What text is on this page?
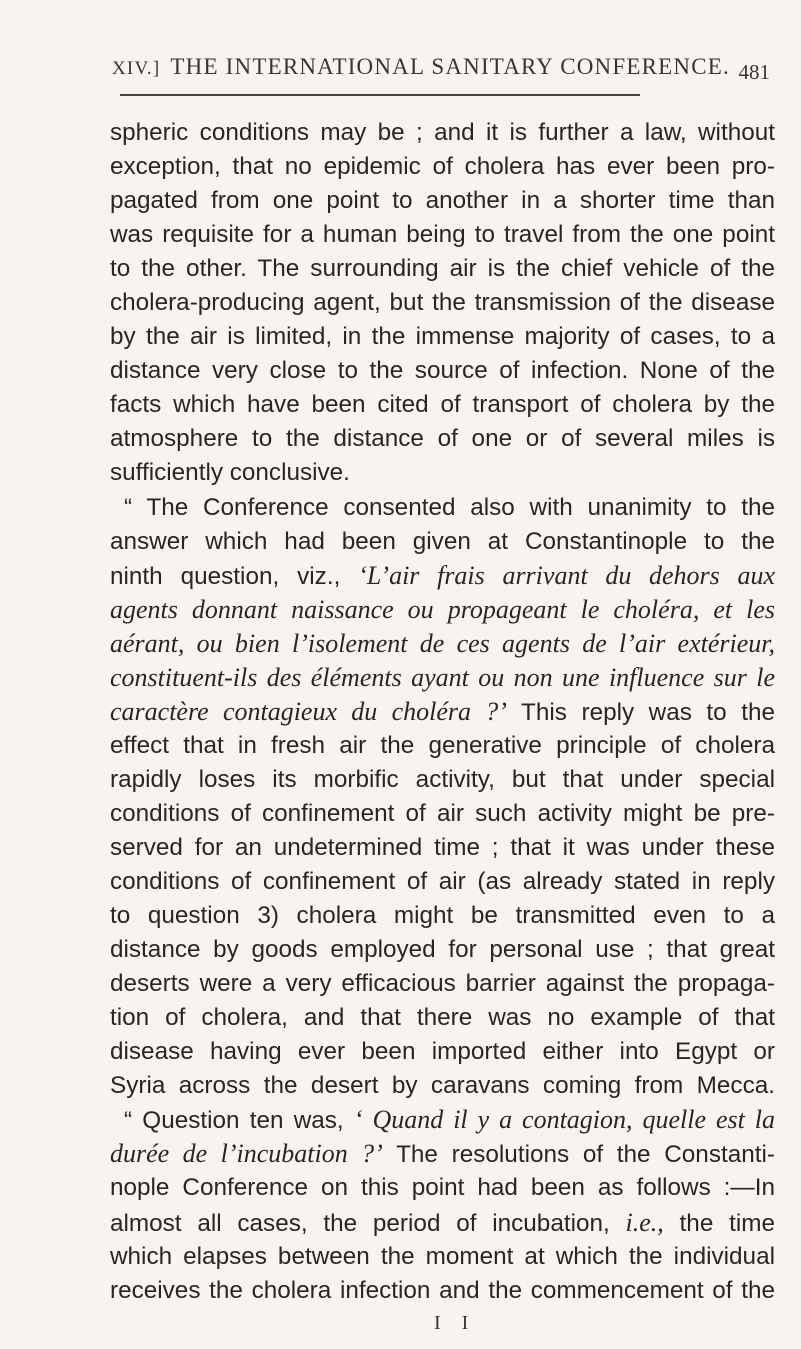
XIV.] THE INTERNATIONAL SANITARY CONFERENCE. 481
spheric conditions may be ; and it is further a law, without
exception, that no epidemic of cholera has ever been pro-
pagated from one point to another in a shorter time than
was requisite for a human being to travel from the one point
to the other. The surrounding air is the chief vehicle of the
cholera-producing agent, but the transmission of the disease
by the air is limited, in the immense majority of cases, to a
distance very close to the source of infection. None of the
facts which have been cited of transport of cholera by the
atmosphere to the distance of one or of several miles is
sufficiently conclusive.
“ The Conference consented also with unanimity to the
answer which had been given at Constantinople to the
ninth question, viz., ‘L’air frais arrivant du dehors aux
agents donnant naissance ou propageant le choléra, et les
aérant, ou bien l’isolement de ces agents de l’air extérieur,
constituent-ils des éléments ayant ou non une influence sur le
caractère contagieux du choléra ?’ This reply was to the
effect that in fresh air the generative principle of cholera
rapidly loses its morbific activity, but that under special
conditions of confinement of air such activity might be pre-
served for an undetermined time ; that it was under these
conditions of confinement of air (as already stated in reply
to question 3) cholera might be transmitted even to a
distance by goods employed for personal use ; that great
deserts were a very efficacious barrier against the propaga-
tion of cholera, and that there was no example of that
disease having ever been imported either into Egypt or
Syria across the desert by caravans coming from Mecca.
“ Question ten was, ‘ Quand il y a contagion, quelle est la
durée de l’incubation ?’ The resolutions of the Constanti-
nople Conference on this point had been as follows :—In
almost all cases, the period of incubation, i.e., the time
which elapses between the moment at which the individual
receives the cholera infection and the commencement of the
I I
